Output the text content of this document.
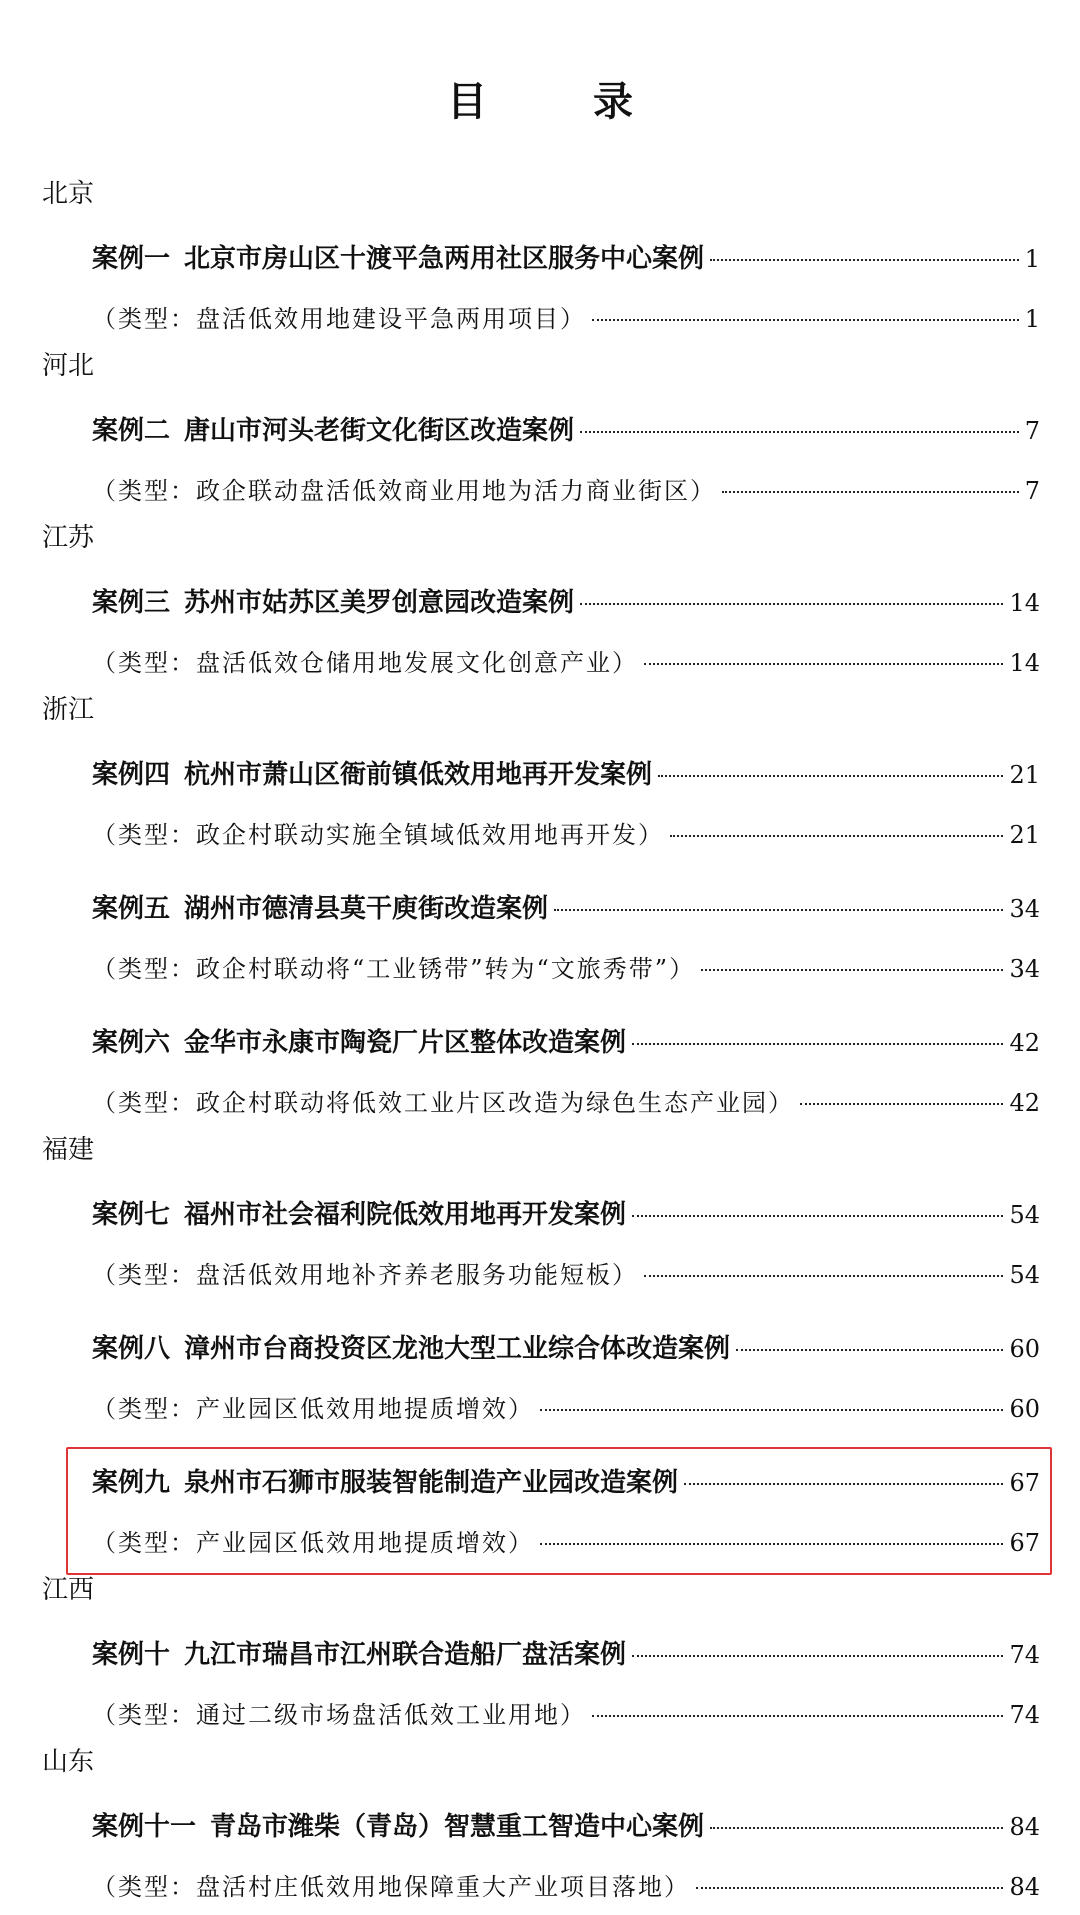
目 录
北京
案例一 北京市房山区十渡平急两用社区服务中心案例	1
（类型：盘活低效用地建设平急两用项目）	1
河北
案例二 唐山市河头老街文化街区改造案例	7
（类型：政企联动盘活低效商业用地为活力商业街区）	7
江苏
案例三 苏州市姑苏区美罗创意园改造案例	14
（类型：盘活低效仓储用地发展文化创意产业）	14
浙江
案例四 杭州市萧山区衙前镇低效用地再开发案例	21
（类型：政企村联动实施全镇域低效用地再开发）	21
案例五 湖州市德清县莫干庾街改造案例	34
（类型：政企村联动将“工业锈带”转为“文旅秀带”）	34
案例六 金华市永康市陶瓷厂片区整体改造案例	42
（类型：政企村联动将低效工业片区改造为绿色生态产业园）	42
福建
案例七 福州市社会福利院低效用地再开发案例	54
（类型：盘活低效用地补齐养老服务功能短板）	54
案例八 漳州市台商投资区龙池大型工业综合体改造案例	60
（类型：产业园区低效用地提质增效）	60
案例九 泉州市石狮市服装智能制造产业园改造案例	67
（类型：产业园区低效用地提质增效）	67
江西
案例十 九江市瑞昌市江州联合造船厂盘活案例	74
（类型：通过二级市场盘活低效工业用地）	74
山东
案例十一 青岛市潍柴（青岛）智慧重工智造中心案例	84
（类型：盘活村庄低效用地保障重大产业项目落地）	84
